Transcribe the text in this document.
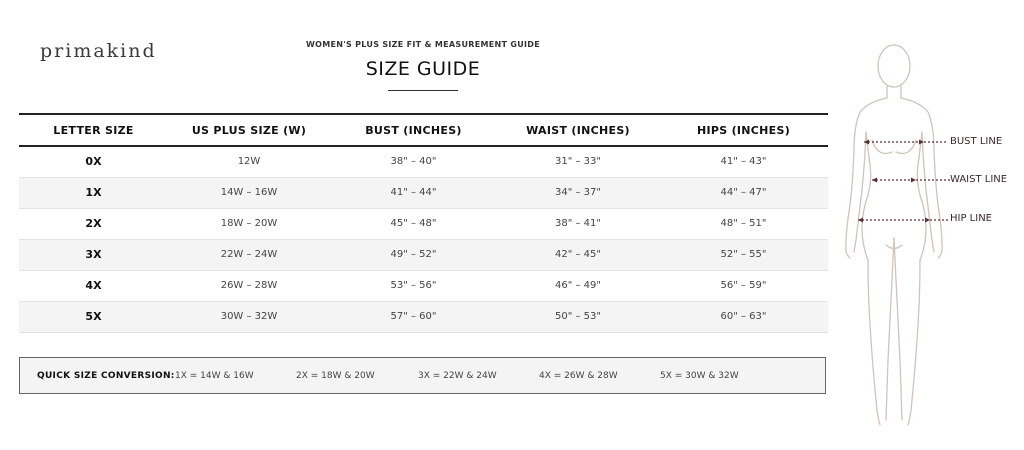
primakind	WOMEN'S PLUS SIZE FIT & MEASUREMENT GUIDE
SIZE GUIDE
LETTER SIZE	US PLUS SIZE (W)	BUST (INCHES)	WAIST (INCHES)	HIPS (INCHES)
0X	12W	38" – 40"	31" – 33"	41" – 43"
1X	14W – 16W	41" – 44"	34" – 37"	44" – 47"
2X	18W – 20W	45" – 48"	38" – 41"	48" – 51"
3X	22W – 24W	49" – 52"	42" – 45"	52" – 55"
4X	26W – 28W	53" – 56"	46" – 49"	56" – 59"
5X	30W – 32W	57" – 60"	50" – 53"	60" – 63"
QUICK SIZE CONVERSION: 1X = 14W & 16W	2X = 18W & 20W	3X = 22W & 24W	4X = 26W & 28W	5X = 30W & 32W
BUST LINE
WAIST LINE
HIP LINE
